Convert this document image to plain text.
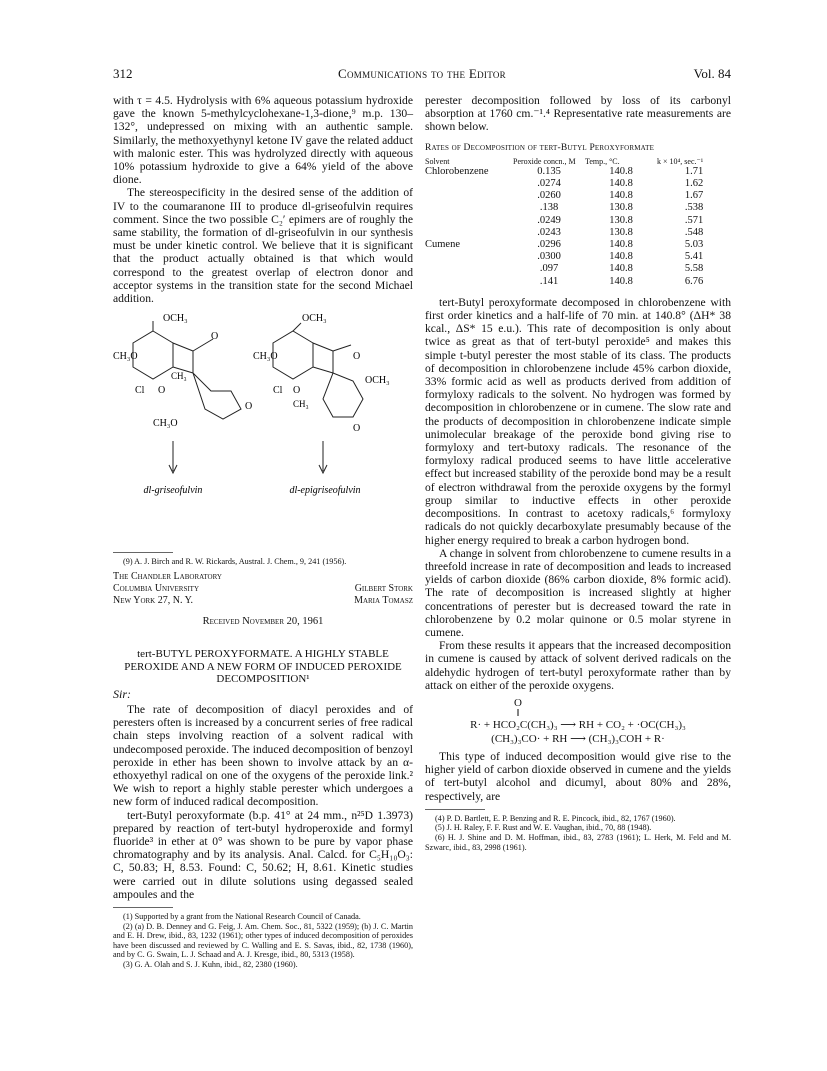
312	Communications to the Editor	Vol. 84

with τ = 4.5. Hydrolysis with 6% aqueous potassium hydroxide gave the known 5-methylcyclohexane-1,3-dione,⁹ m.p. 130–132°, undepressed on mixing with an authentic sample. Similarly, the methoxyethynyl ketone IV gave the related adduct with malonic ester. This was hydrolyzed directly with aqueous 10% potassium hydroxide to give a 64% yield of the above dione.

The stereospecificity in the desired sense of the addition of IV to the coumaranone III to produce dl-griseofulvin requires comment. Since the two possible C₂′ epimers are of roughly the same stability, the formation of dl-griseofulvin in our synthesis must be under kinetic control. We believe that it is significant that the product actually obtained is that which would correspond to the greatest overlap of electron donor and acceptor systems in the transition state for the second Michael addition.

OCH₃	OCH₃
CH₃O	CH₃O
O
O
CH₃
Cl O
O
CH₃O
Cl O
OCH₃
CH₃
O
dl-griseofulvin	dl-epigriseofulvin

(9) A. J. Birch and R. W. Rickards, Austral. J. Chem., 9, 241 (1956).

The Chandler Laboratory
Columbia University
New York 27, N. Y.
Gilbert Stork
Maria Tomasz
Received November 20, 1961
tert-BUTYL PEROXYFORMATE. A HIGHLY STABLE PEROXIDE AND A NEW FORM OF INDUCED PEROXIDE DECOMPOSITION¹
Sir:

The rate of decomposition of diacyl peroxides and of peresters often is increased by a concurrent series of free radical chain steps involving reaction of a solvent radical with undecomposed peroxide. The induced decomposition of benzoyl peroxide in ether has been shown to involve attack by an α-ethoxyethyl radical on one of the oxygens of the peroxide link.² We wish to report a highly stable perester which undergoes a new form of induced radical decomposition.

tert-Butyl peroxyformate (b.p. 41° at 24 mm., n²⁵D 1.3973) prepared by reaction of tert-butyl hydroperoxide and formyl fluoride³ in ether at 0° was shown to be pure by vapor phase chromatography and by its analysis. Anal. Calcd. for C₅H₁₀O₃: C, 50.83; H, 8.53. Found: C, 50.62; H, 8.61. Kinetic studies were carried out in dilute solutions using degassed sealed ampoules and the

(1) Supported by a grant from the National Research Council of Canada.

(2) (a) D. B. Denney and G. Feig, J. Am. Chem. Soc., 81, 5322 (1959); (b) J. C. Martin and E. H. Drew, ibid., 83, 1232 (1961); other types of induced decomposition of peroxides have been discussed and reviewed by C. Walling and E. S. Savas, ibid., 82, 1738 (1960), and by C. G. Swain, L. J. Schaad and A. J. Kresge, ibid., 80, 5313 (1958).

(3) G. A. Olah and S. J. Kuhn, ibid., 82, 2380 (1960).

perester decomposition followed by loss of its carbonyl absorption at 1760 cm.⁻¹.⁴ Representative rate measurements are shown below.

Rates of Decomposition of tert-Butyl Peroxyformate
Solvent	Peroxide concn., M	Temp., °C.	k × 10⁴, sec.⁻¹
Chlorobenzene	0.135	140.8	1.71
	.0274	140.8	1.62
	.0260	140.8	1.67
	.138	130.8	.538
	.0249	130.8	.571
	.0243	130.8	.548
Cumene	.0296	140.8	5.03
	.0300	140.8	5.41
	.097	140.8	5.58
	.141	140.8	6.76

tert-Butyl peroxyformate decomposed in chlorobenzene with first order kinetics and a half-life of 70 min. at 140.8° (ΔH* 38 kcal., ΔS* 15 e.u.). This rate of decomposition is only about twice as great as that of tert-butyl peroxide⁵ and makes this simple t-butyl perester the most stable of its class. The products of decomposition in chlorobenzene include 45% carbon dioxide, 33% formic acid as well as products derived from addition of formyloxy radicals to the solvent. No hydrogen was formed by decomposition in chlorobenzene or in cumene. The slow rate and the products of decomposition in chlorobenzene indicate simple unimolecular breakage of the peroxide bond giving rise to formyloxy and tert-butoxy radicals. The resonance of the formyloxy radical produced seems to have little accelerative effect but increased stability of the peroxide bond may be a result of electron withdrawal from the peroxide oxygens by the formyl group similar to inductive effects in other peroxide decompositions. In contrast to acetoxy radicals,⁶ formyloxy radicals do not quickly decarboxylate presumably because of the higher energy required to break a carbon hydrogen bond.

A change in solvent from chlorobenzene to cumene results in a threefold increase in rate of decomposition and leads to increased yields of carbon dioxide (86% carbon dioxide, 8% formic acid). The rate of decomposition is increased slightly at higher concentrations of perester but is decreased toward the rate in chlorobenzene by 0.2 molar quinone or 0.5 molar styrene in cumene.

From these results it appears that the increased decomposition in cumene is caused by attack of solvent derived radicals on the aldehydic hydrogen of tert-butyl peroxyformate rather than by attack on either of the peroxide oxygens.

O
‖
R· + HCO₂C(CH₃)₃ ⟶ RH + CO₂ + ·OC(CH₃)₃
(CH₃)₃CO· + RH ⟶ (CH₃)₃COH + R·

This type of induced decomposition would give rise to the higher yield of carbon dioxide observed in cumene and the yields of tert-butyl alcohol and dicumyl, about 80% and 28%, respectively, are

(4) P. D. Bartlett, E. P. Benzing and R. E. Pincock, ibid., 82, 1767 (1960).

(5) J. H. Raley, F. F. Rust and W. E. Vaughan, ibid., 70, 88 (1948).

(6) H. J. Shine and D. M. Hoffman, ibid., 83, 2783 (1961); L. Herk, M. Feld and M. Szwarc, ibid., 83, 2998 (1961).
